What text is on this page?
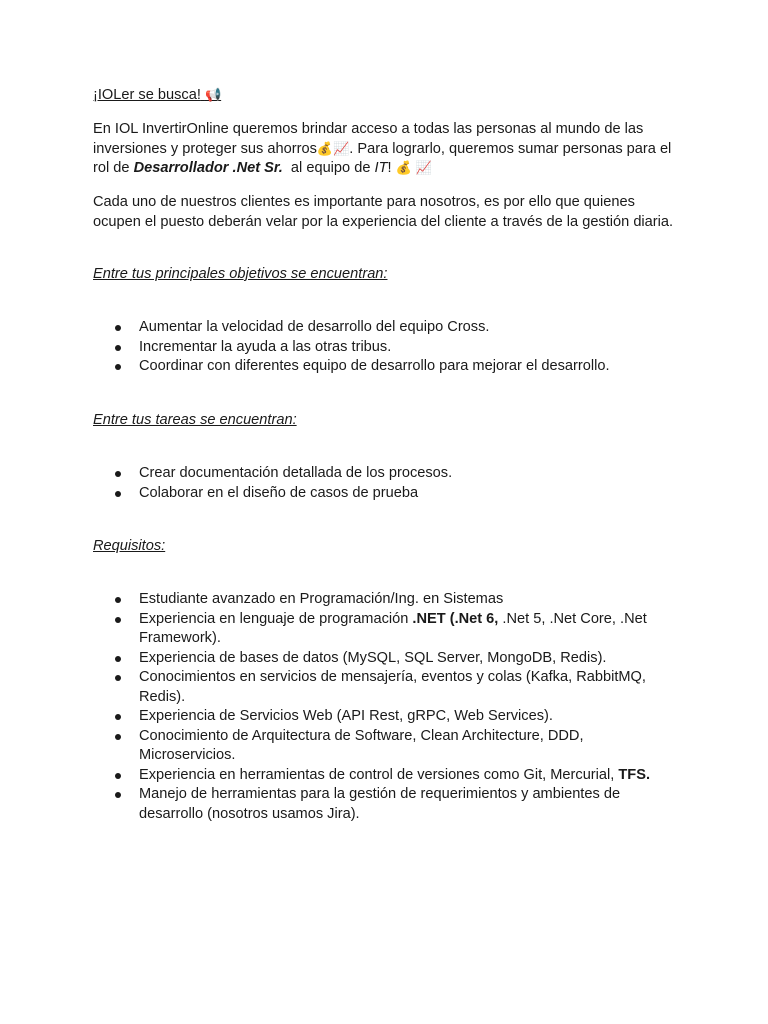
¡IOLer se busca! 📢

En IOL InvertirOnline queremos brindar acceso a todas las personas al mundo de las inversiones y proteger sus ahorros💰📈. Para lograrlo, queremos sumar personas para el rol de Desarrollador .Net Sr.  al equipo de IT! 💰 📈

Cada uno de nuestros clientes es importante para nosotros, es por ello que quienes ocupen el puesto deberán velar por la experiencia del cliente a través de la gestión diaria.

Entre tus principales objetivos se encuentran:

Aumentar la velocidad de desarrollo del equipo Cross.
Incrementar la ayuda a las otras tribus.
Coordinar con diferentes equipo de desarrollo para mejorar el desarrollo.

Entre tus tareas se encuentran:

Crear documentación detallada de los procesos.
Colaborar en el diseño de casos de prueba

Requisitos:

Estudiante avanzado en Programación/Ing. en Sistemas
Experiencia en lenguaje de programación .NET (.Net 6, .Net 5, .Net Core, .Net Framework).
Experiencia de bases de datos (MySQL, SQL Server, MongoDB, Redis).
Conocimientos en servicios de mensajería, eventos y colas (Kafka, RabbitMQ, Redis).
Experiencia de Servicios Web (API Rest, gRPC, Web Services).
Conocimiento de Arquitectura de Software, Clean Architecture, DDD, Microservicios.
Experiencia en herramientas de control de versiones como Git, Mercurial, TFS.
Manejo de herramientas para la gestión de requerimientos y ambientes de desarrollo (nosotros usamos Jira).
